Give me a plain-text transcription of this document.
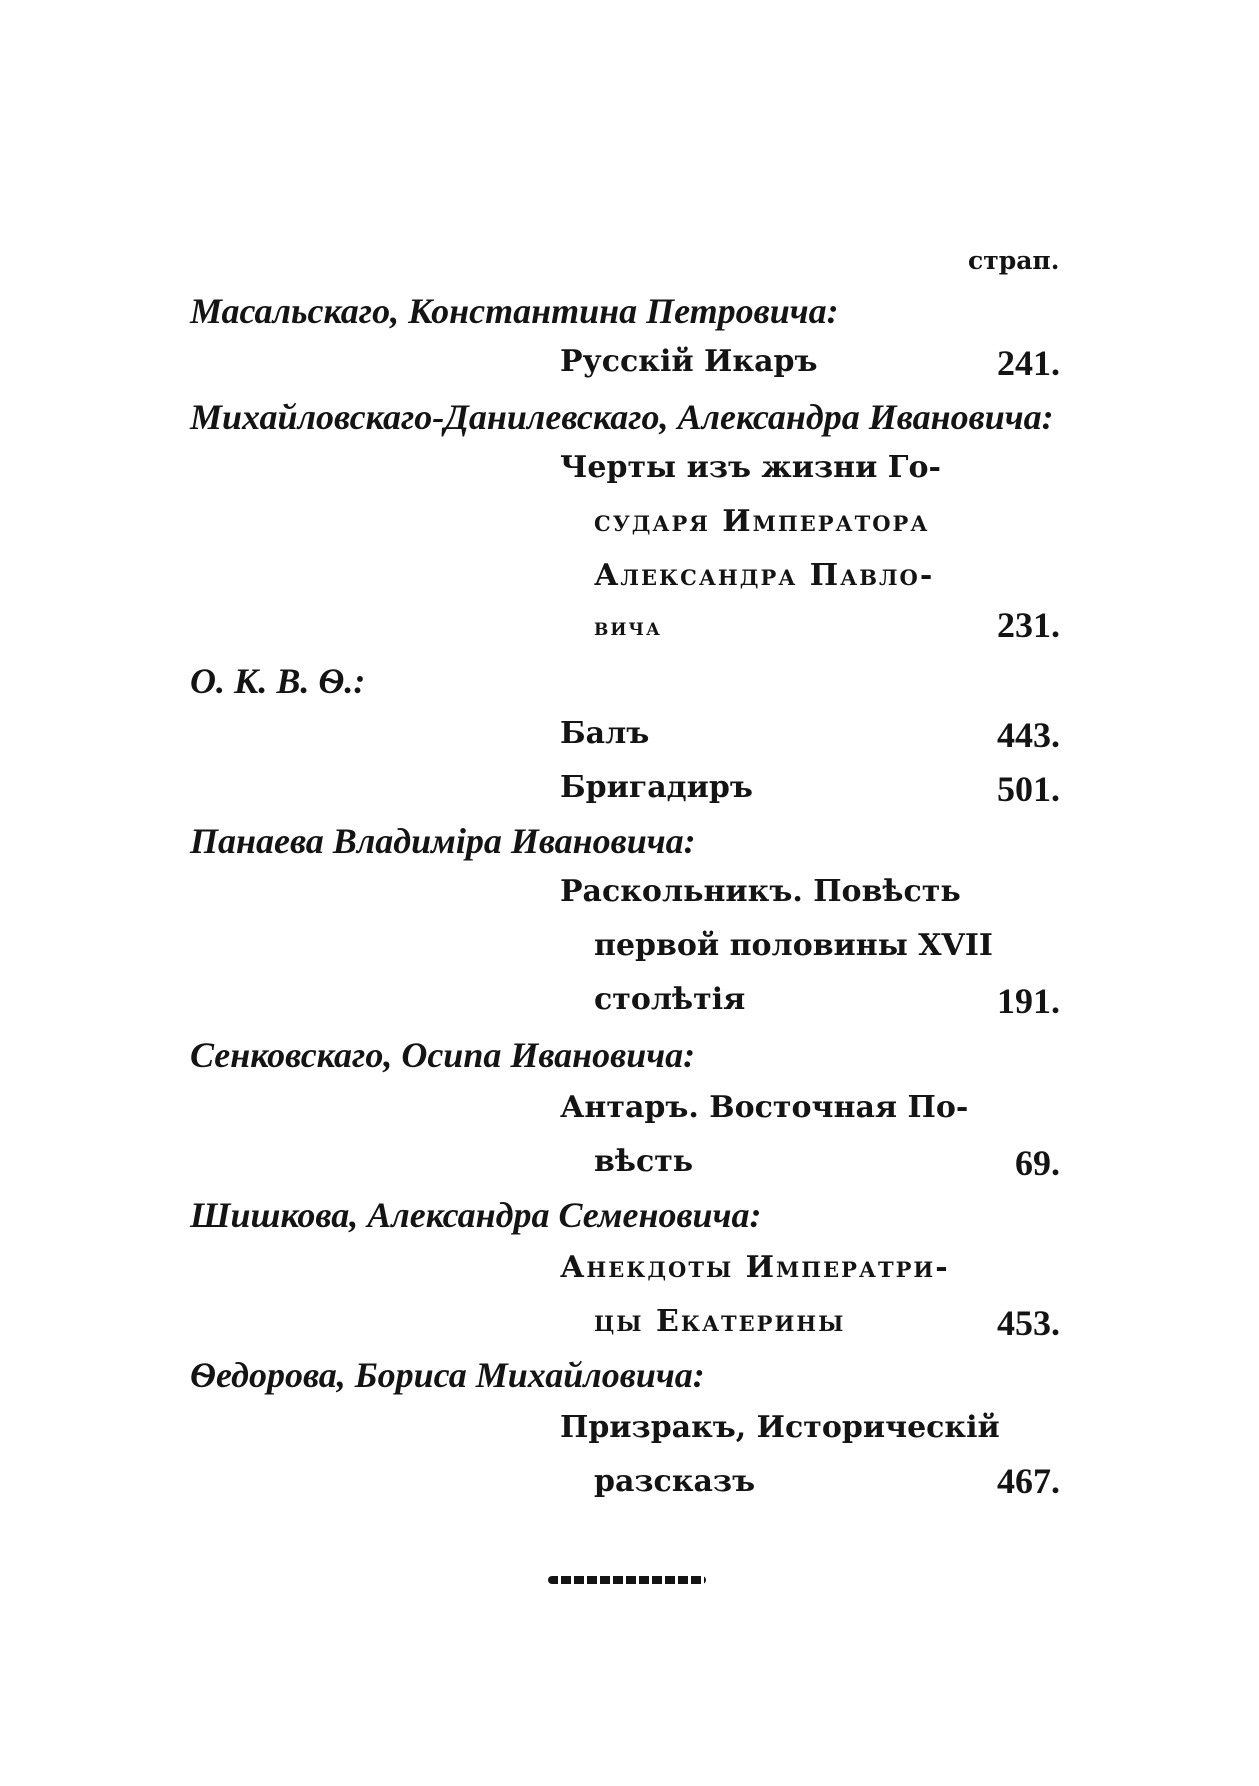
страп.
Масальскаго, Константина Петровича:
Русскій Икаръ	241.
Михайловскаго-Данилевскаго, Александра Ивановича:
Черты изъ жизни Го-
сударя Императора
Александра Павло-
вича	231.
О. К. В. Ѳ.:
Балъ	443.
Бригадиръ	501.
Панаева Владиміра Ивановича:
Раскольникъ. Повѣсть
первой половины XVII
столѣтія	191.
Сенковскаго, Осипа Ивановича:
Антаръ. Восточная По-
вѣсть	69.
Шишкова, Александра Семеновича:
Анекдоты Императри-
цы Екатерины	453.
Ѳедорова, Бориса Михайловича:
Призракъ, Историческій
разсказъ	467.
